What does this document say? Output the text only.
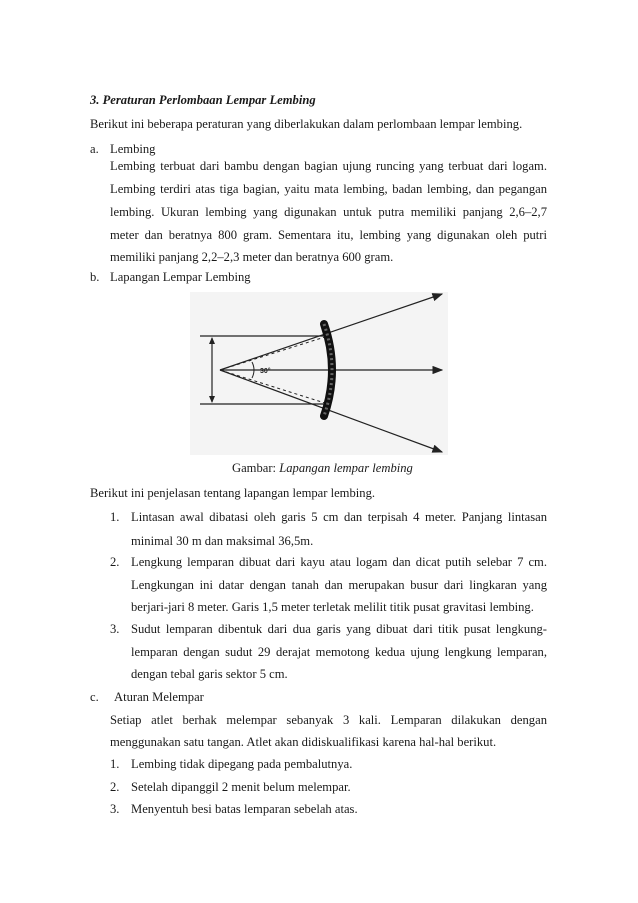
3. Peraturan Perlombaan Lempar Lembing
Berikut ini beberapa peraturan yang diberlakukan dalam perlombaan lempar lembing.
a. Lembing
Lembing terbuat dari bambu dengan bagian ujung runcing yang terbuat dari logam.
Lembing terdiri atas tiga bagian, yaitu mata lembing, badan lembing, dan pegangan
lembing. Ukuran lembing yang digunakan untuk putra memiliki panjang 2,6–2,7
meter dan beratnya 800 gram. Sementara itu, lembing yang digunakan oleh putri
memiliki panjang 2,2–2,3 meter dan beratnya 600 gram.
b. Lapangan Lempar Lembing
30°
Gambar: Lapangan lempar lembing
Berikut ini penjelasan tentang lapangan lempar lembing.
1. Lintasan awal dibatasi oleh garis 5 cm dan terpisah 4 meter. Panjang lintasan
minimal 30 m dan maksimal 36,5m.
2. Lengkung lemparan dibuat dari kayu atau logam dan dicat putih selebar 7 cm.
Lengkungan ini datar dengan tanah dan merupakan busur dari lingkaran yang
berjari-jari 8 meter. Garis 1,5 meter terletak melilit titik pusat gravitasi lembing.
3. Sudut lemparan dibentuk dari dua garis yang dibuat dari titik pusat lengkung-
lemparan dengan sudut 29 derajat memotong kedua ujung lengkung lemparan,
dengan tebal garis sektor 5 cm.
c. Aturan Melempar
Setiap atlet berhak melempar sebanyak 3 kali. Lemparan dilakukan dengan
menggunakan satu tangan. Atlet akan didiskualifikasi karena hal-hal berikut.
1. Lembing tidak dipegang pada pembalutnya.
2. Setelah dipanggil 2 menit belum melempar.
3. Menyentuh besi batas lemparan sebelah atas.
